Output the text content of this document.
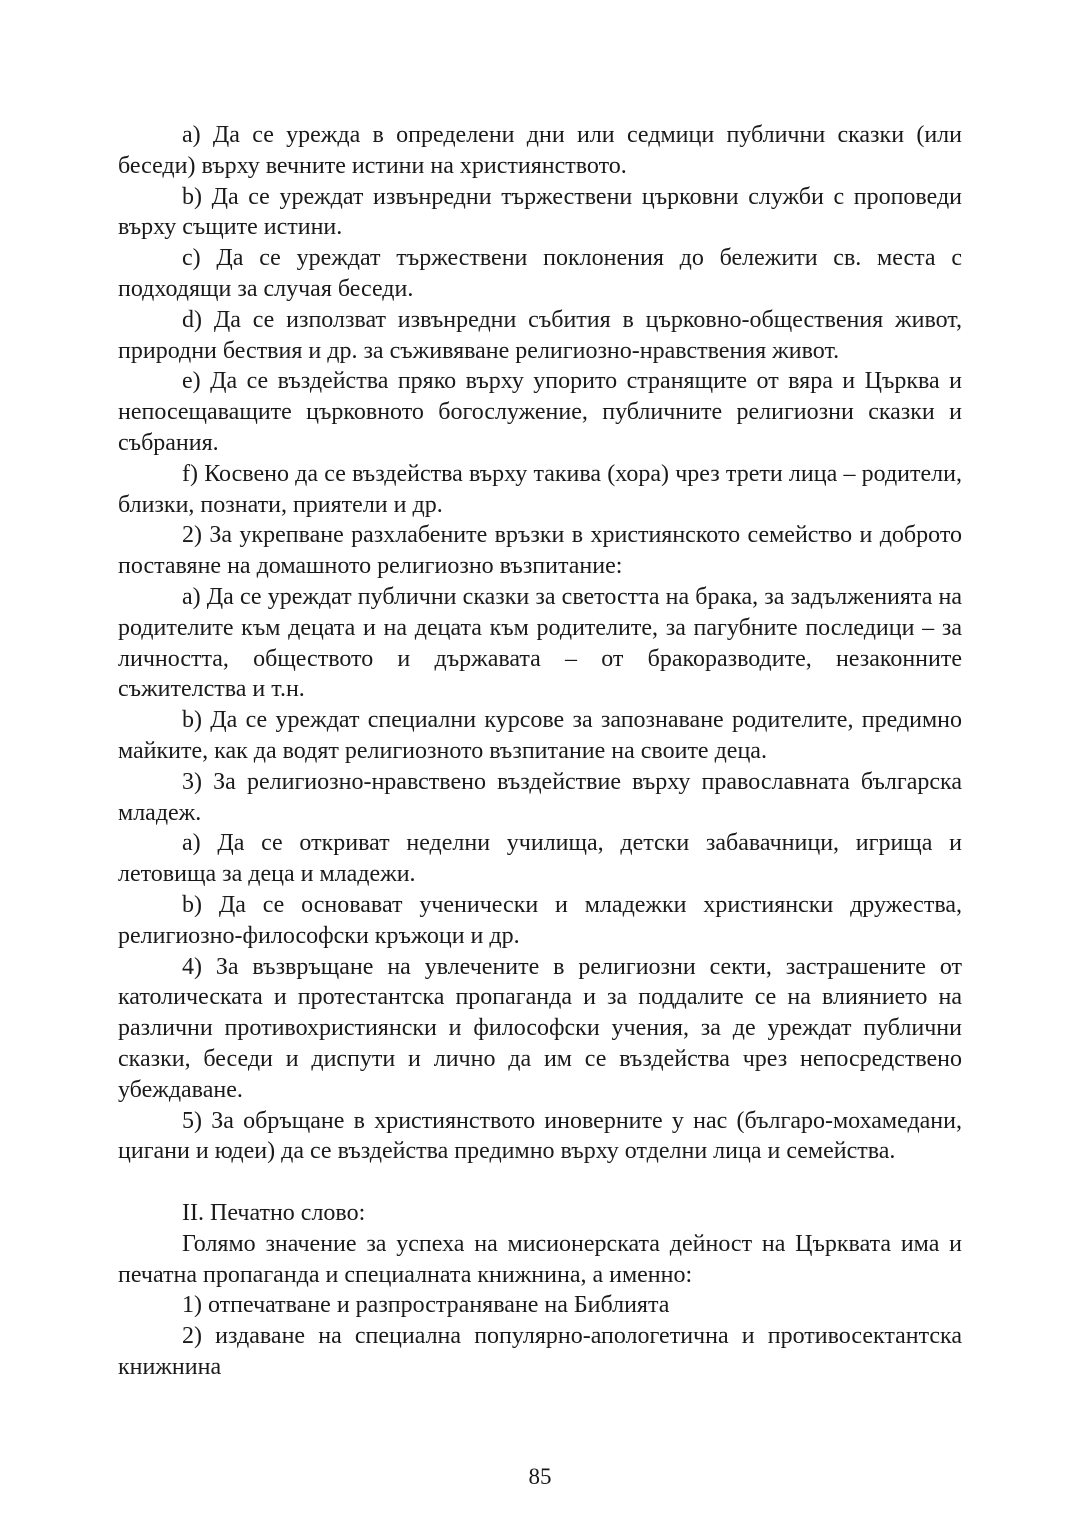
а) Да се урежда в определени дни или седмици публични сказки (или беседи) върху вечните истини на християнството.

b) Да се уреждат извънредни тържествени църковни служби с проповеди върху същите истини.

c) Да се уреждат тържествени поклонения до бележити св. места с подходящи за случая беседи.

d) Да се използват извънредни събития в църковно-обществения живот, природни бествия и др. за съживяване религиозно-нравствения живот.

е) Да се въздейства пряко върху упорито странящите от вяра и Църква и непосещаващите църковното богослужение, публичните религиозни сказки и събрания.

f) Косвено да се въздейства върху такива (хора) чрез трети лица – родители, близки, познати, приятели и др.

2) За укрепване разхлабените връзки в християнското семейство и доброто поставяне на домашното религиозно възпитание:

а) Да се уреждат публични сказки за светостта на брака, за задълженията на родителите към децата и на децата към родителите, за пагубните последици – за личността, обществото и държавата – от бракоразводите, незаконните съжителства и т.н.

b) Да се уреждат специални курсове за запознаване родителите, предимно майките, как да водят религиозното възпитание на своите деца.

3) За религиозно-нравствено въздействие върху православната българска младеж.

а) Да се откриват неделни училища, детски забавачници, игрища и летовища за деца и младежи.

b) Да се основават ученически и младежки християнски дружества, религиозно-философски кръжоци и др.

4) За възвръщане на увлечените в религиозни секти, застрашените от католическата и протестантска пропаганда и за поддалите се на влиянието на различни противохристиянски и философски учения, за де уреждат публични сказки, беседи и диспути и лично да им се въздейства чрез непосредствено убеждаване.

5) За обръщане в християнството иноверните у нас (българо-мохамедани, цигани и юдеи) да се въздейства предимно върху отделни лица и семейства.

II. Печатно слово:

Голямо значение за успеха на мисионерската дейност на Църквата има и печатна пропаганда и специалната книжнина, а именно:

1) отпечатване и разпространяване на Библията

2) издаване на специална популярно-апологетична и противосектантска книжнина

85
